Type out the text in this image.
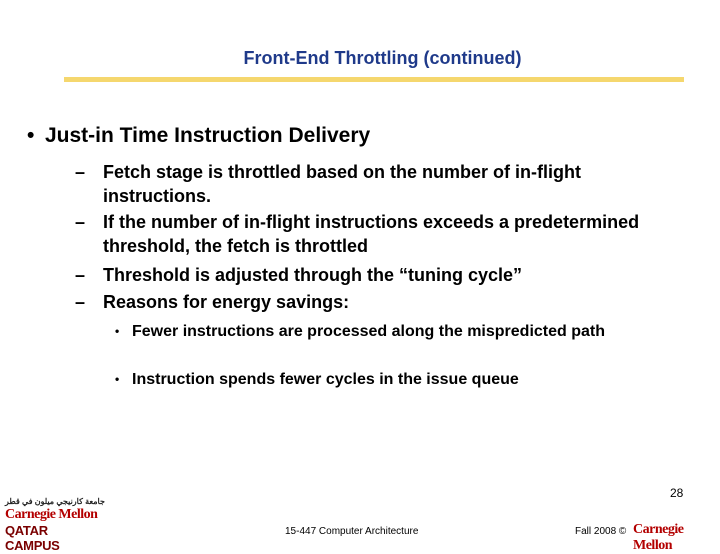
Front-End Throttling (continued)
• Just-in Time Instruction Delivery
– Fetch stage is throttled based on the number of in-flight instructions.
– If the number of in-flight instructions exceeds a predetermined threshold, the fetch is throttled
– Threshold is adjusted through the “tuning cycle”
– Reasons for energy savings:
• Fewer instructions are processed along the mispredicted path
• Instruction spends fewer cycles in the issue queue
28
جامعة كارنيجي ميلون في قطر
Carnegie Mellon
QATAR CAMPUS
15-447 Computer Architecture	Fall 2008 © Carnegie Mellon
